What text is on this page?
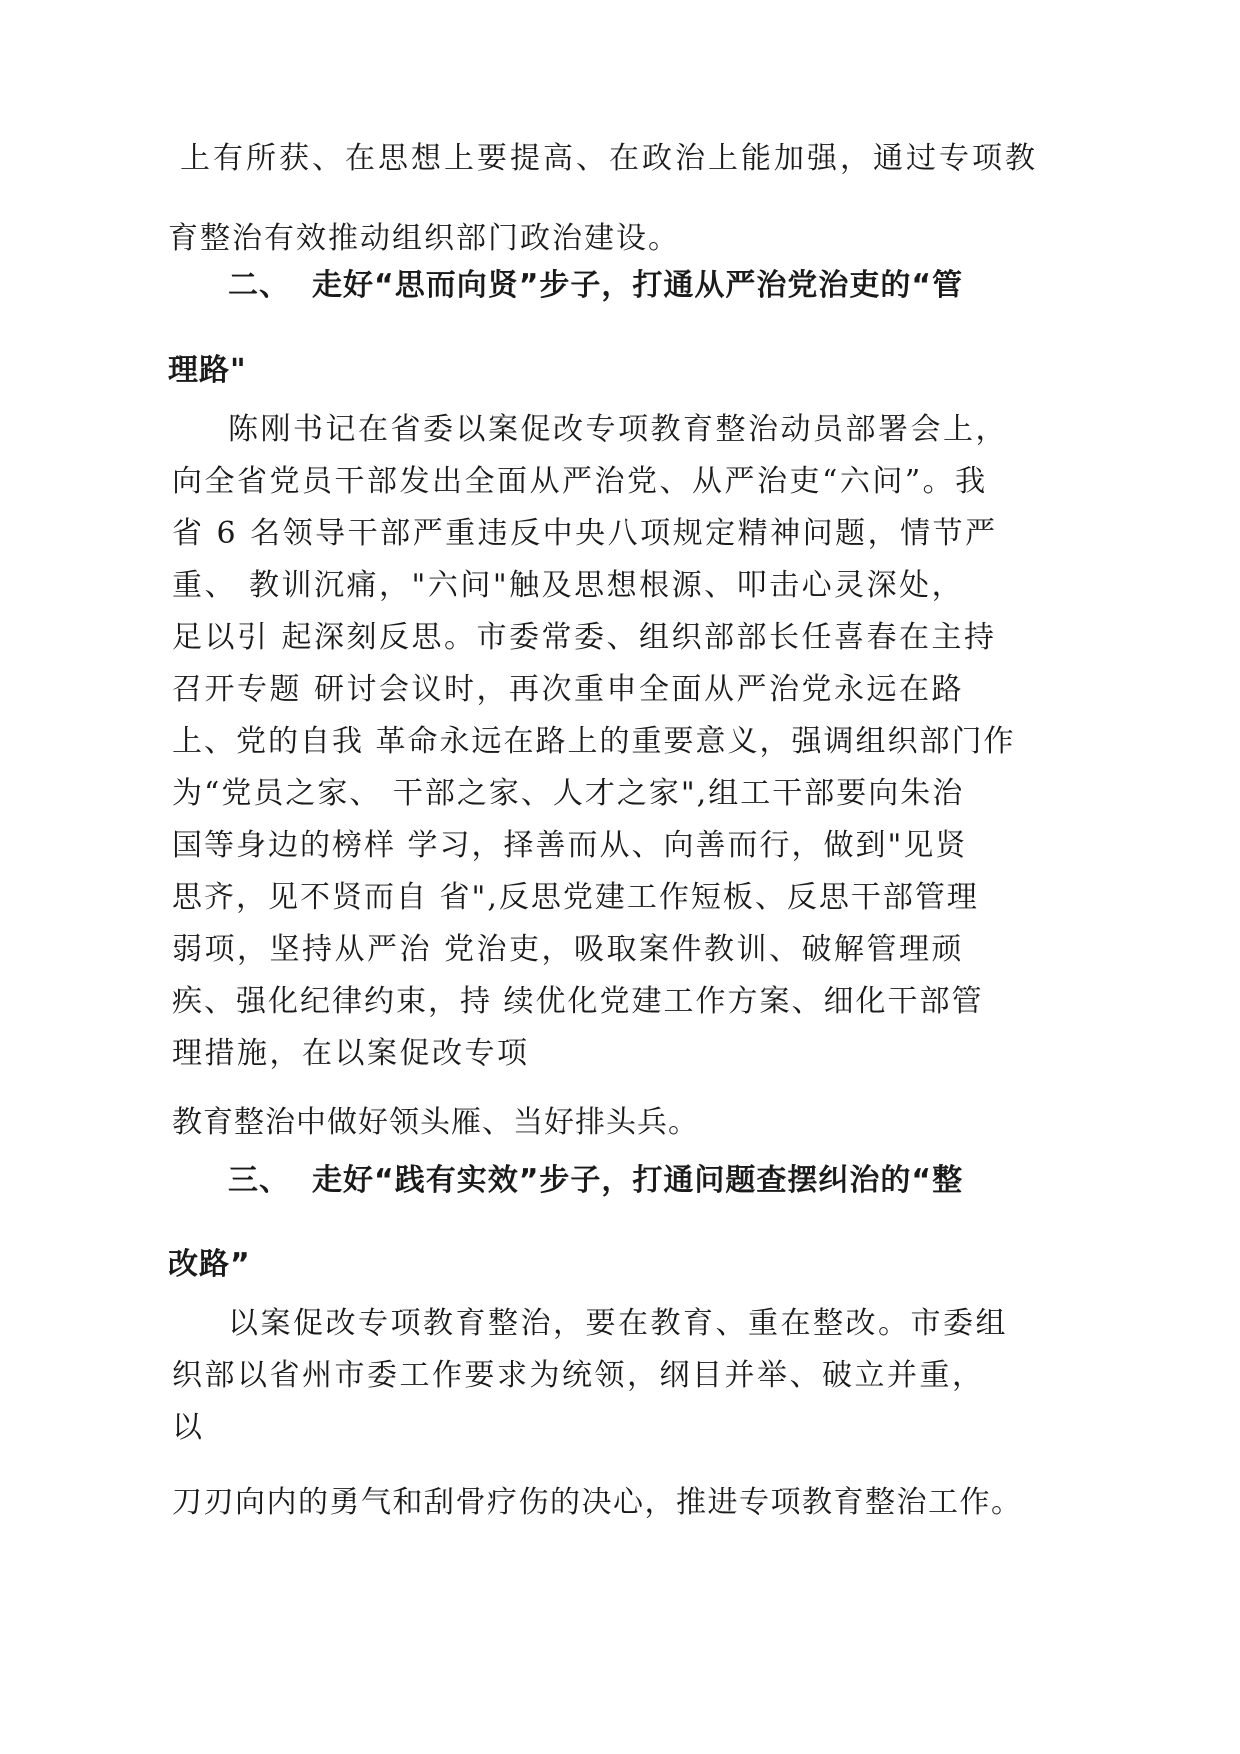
上有所获、在思想上要提高、在政治上能加强，通过专项教
育整治有效推动组织部门政治建设。
二、 走好“思而向贤”步子，打通从严治党治吏的“管
理路"
陈刚书记在省委以案促改专项教育整治动员部署会上，
向全省党员干部发出全面从严治党、从严治吏“六问”。我
省 6 名领导干部严重违反中央八项规定精神问题，情节严
重、 教训沉痛，"六问"触及思想根源、叩击心灵深处，
足以引 起深刻反思。市委常委、组织部部长任喜春在主持
召开专题 研讨会议时，再次重申全面从严治党永远在路
上、党的自我 革命永远在路上的重要意义，强调组织部门作
为“党员之家、 干部之家、人才之家",组工干部要向朱治
国等身边的榜样 学习，择善而从、向善而行，做到"见贤
思齐，见不贤而自 省",反思党建工作短板、反思干部管理
弱项，坚持从严治 党治吏，吸取案件教训、破解管理顽
疾、强化纪律约束，持 续优化党建工作方案、细化干部管
理措施，在以案促改专项
教育整治中做好领头雁、当好排头兵。
三、 走好“践有实效”步子，打通问题查摆纠治的“整
改路”
以案促改专项教育整治，要在教育、重在整改。市委组
织部以省州市委工作要求为统领，纲目并举、破立并重，
以
刀刃向内的勇气和刮骨疗伤的决心，推进专项教育整治工作。
